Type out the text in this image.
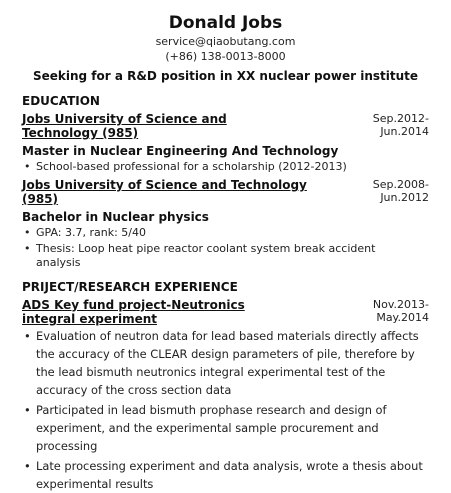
Donald Jobs
service@qiaobutang.com
(+86) 138-0013-8000
Seeking for a R&D position in XX nuclear power institute
EDUCATION
Jobs University of Science and Technology (985)
Sep.2012-
Jun.2014
Master in Nuclear Engineering And Technology
• School-based professional for a scholarship (2012-2013)
Jobs University of Science and Technology (985)
Sep.2008-
Jun.2012
Bachelor in Nuclear physics
• GPA: 3.7, rank: 5/40
• Thesis: Loop heat pipe reactor coolant system break accident analysis
PRIJECT/RESEARCH EXPERIENCE
ADS Key fund project-Neutronics integral experiment
Nov.2013-
May.2014
• Evaluation of neutron data for lead based materials directly affects the accuracy of the CLEAR design parameters of pile, therefore by the lead bismuth neutronics integral experimental test of the accuracy of the cross section data
• Participated in lead bismuth prophase research and design of experiment, and the experimental sample procurement and processing
• Late processing experiment and data analysis, wrote a thesis about experimental results
